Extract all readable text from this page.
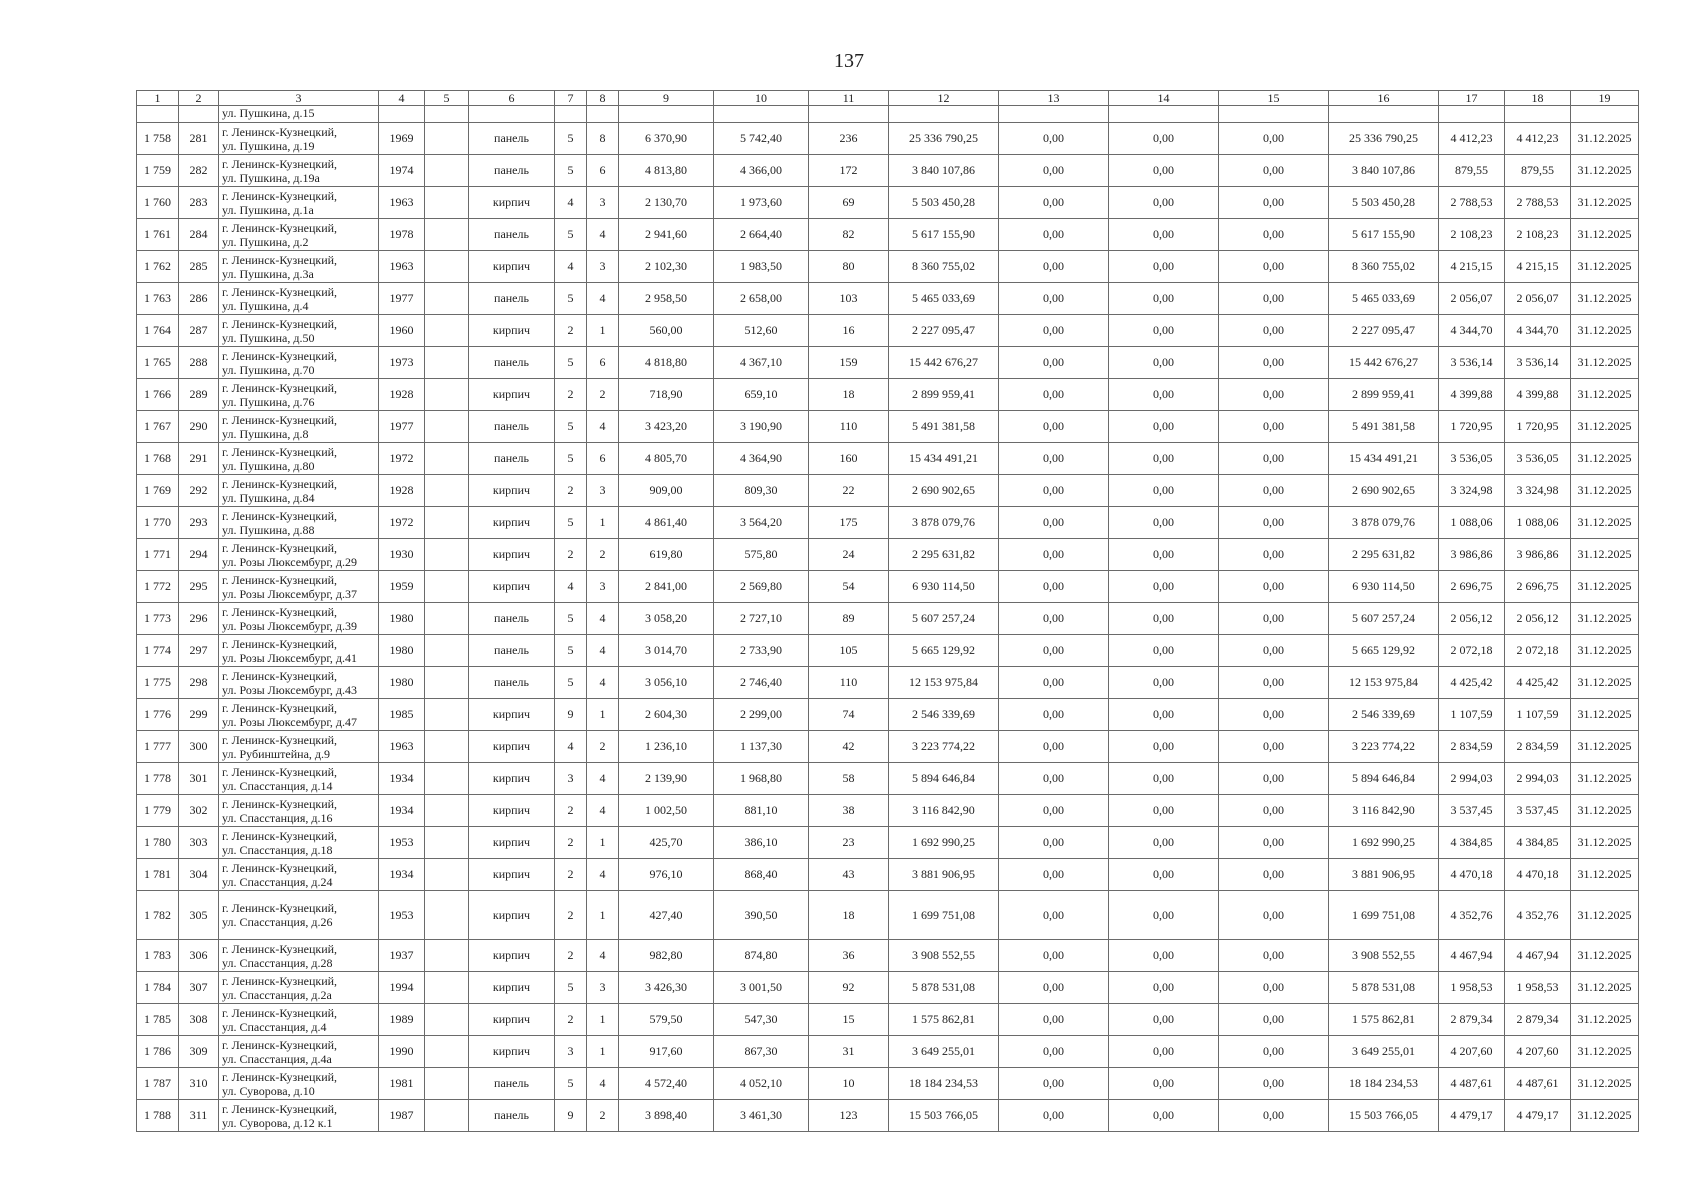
137
1	2	3	4	5	6	7	8	9	10	11	12	13	14	15	16	17	18	19
		ул. Пушкина, д.15																
1 758	281	г. Ленинск-Кузнецкий,
ул. Пушкина, д.19	1969		панель	5	8	6 370,90	5 742,40	236	25 336 790,25	0,00	0,00	0,00	25 336 790,25	4 412,23	4 412,23	31.12.2025
1 759	282	г. Ленинск-Кузнецкий,
ул. Пушкина, д.19а	1974		панель	5	6	4 813,80	4 366,00	172	3 840 107,86	0,00	0,00	0,00	3 840 107,86	879,55	879,55	31.12.2025
1 760	283	г. Ленинск-Кузнецкий,
ул. Пушкина, д.1а	1963		кирпич	4	3	2 130,70	1 973,60	69	5 503 450,28	0,00	0,00	0,00	5 503 450,28	2 788,53	2 788,53	31.12.2025
1 761	284	г. Ленинск-Кузнецкий,
ул. Пушкина, д.2	1978		панель	5	4	2 941,60	2 664,40	82	5 617 155,90	0,00	0,00	0,00	5 617 155,90	2 108,23	2 108,23	31.12.2025
1 762	285	г. Ленинск-Кузнецкий,
ул. Пушкина, д.3а	1963		кирпич	4	3	2 102,30	1 983,50	80	8 360 755,02	0,00	0,00	0,00	8 360 755,02	4 215,15	4 215,15	31.12.2025
1 763	286	г. Ленинск-Кузнецкий,
ул. Пушкина, д.4	1977		панель	5	4	2 958,50	2 658,00	103	5 465 033,69	0,00	0,00	0,00	5 465 033,69	2 056,07	2 056,07	31.12.2025
1 764	287	г. Ленинск-Кузнецкий,
ул. Пушкина, д.50	1960		кирпич	2	1	560,00	512,60	16	2 227 095,47	0,00	0,00	0,00	2 227 095,47	4 344,70	4 344,70	31.12.2025
1 765	288	г. Ленинск-Кузнецкий,
ул. Пушкина, д.70	1973		панель	5	6	4 818,80	4 367,10	159	15 442 676,27	0,00	0,00	0,00	15 442 676,27	3 536,14	3 536,14	31.12.2025
1 766	289	г. Ленинск-Кузнецкий,
ул. Пушкина, д.76	1928		кирпич	2	2	718,90	659,10	18	2 899 959,41	0,00	0,00	0,00	2 899 959,41	4 399,88	4 399,88	31.12.2025
1 767	290	г. Ленинск-Кузнецкий,
ул. Пушкина, д.8	1977		панель	5	4	3 423,20	3 190,90	110	5 491 381,58	0,00	0,00	0,00	5 491 381,58	1 720,95	1 720,95	31.12.2025
1 768	291	г. Ленинск-Кузнецкий,
ул. Пушкина, д.80	1972		панель	5	6	4 805,70	4 364,90	160	15 434 491,21	0,00	0,00	0,00	15 434 491,21	3 536,05	3 536,05	31.12.2025
1 769	292	г. Ленинск-Кузнецкий,
ул. Пушкина, д.84	1928		кирпич	2	3	909,00	809,30	22	2 690 902,65	0,00	0,00	0,00	2 690 902,65	3 324,98	3 324,98	31.12.2025
1 770	293	г. Ленинск-Кузнецкий,
ул. Пушкина, д.88	1972		кирпич	5	1	4 861,40	3 564,20	175	3 878 079,76	0,00	0,00	0,00	3 878 079,76	1 088,06	1 088,06	31.12.2025
1 771	294	г. Ленинск-Кузнецкий,
ул. Розы Люксембург, д.29	1930		кирпич	2	2	619,80	575,80	24	2 295 631,82	0,00	0,00	0,00	2 295 631,82	3 986,86	3 986,86	31.12.2025
1 772	295	г. Ленинск-Кузнецкий,
ул. Розы Люксембург, д.37	1959		кирпич	4	3	2 841,00	2 569,80	54	6 930 114,50	0,00	0,00	0,00	6 930 114,50	2 696,75	2 696,75	31.12.2025
1 773	296	г. Ленинск-Кузнецкий,
ул. Розы Люксембург, д.39	1980		панель	5	4	3 058,20	2 727,10	89	5 607 257,24	0,00	0,00	0,00	5 607 257,24	2 056,12	2 056,12	31.12.2025
1 774	297	г. Ленинск-Кузнецкий,
ул. Розы Люксембург, д.41	1980		панель	5	4	3 014,70	2 733,90	105	5 665 129,92	0,00	0,00	0,00	5 665 129,92	2 072,18	2 072,18	31.12.2025
1 775	298	г. Ленинск-Кузнецкий,
ул. Розы Люксембург, д.43	1980		панель	5	4	3 056,10	2 746,40	110	12 153 975,84	0,00	0,00	0,00	12 153 975,84	4 425,42	4 425,42	31.12.2025
1 776	299	г. Ленинск-Кузнецкий,
ул. Розы Люксембург, д.47	1985		кирпич	9	1	2 604,30	2 299,00	74	2 546 339,69	0,00	0,00	0,00	2 546 339,69	1 107,59	1 107,59	31.12.2025
1 777	300	г. Ленинск-Кузнецкий,
ул. Рубинштейна, д.9	1963		кирпич	4	2	1 236,10	1 137,30	42	3 223 774,22	0,00	0,00	0,00	3 223 774,22	2 834,59	2 834,59	31.12.2025
1 778	301	г. Ленинск-Кузнецкий,
ул. Спасстанция, д.14	1934		кирпич	3	4	2 139,90	1 968,80	58	5 894 646,84	0,00	0,00	0,00	5 894 646,84	2 994,03	2 994,03	31.12.2025
1 779	302	г. Ленинск-Кузнецкий,
ул. Спасстанция, д.16	1934		кирпич	2	4	1 002,50	881,10	38	3 116 842,90	0,00	0,00	0,00	3 116 842,90	3 537,45	3 537,45	31.12.2025
1 780	303	г. Ленинск-Кузнецкий,
ул. Спасстанция, д.18	1953		кирпич	2	1	425,70	386,10	23	1 692 990,25	0,00	0,00	0,00	1 692 990,25	4 384,85	4 384,85	31.12.2025
1 781	304	г. Ленинск-Кузнецкий,
ул. Спасстанция, д.24	1934		кирпич	2	4	976,10	868,40	43	3 881 906,95	0,00	0,00	0,00	3 881 906,95	4 470,18	4 470,18	31.12.2025
1 782	305	г. Ленинск-Кузнецкий,
ул. Спасстанция, д.26	1953		кирпич	2	1	427,40	390,50	18	1 699 751,08	0,00	0,00	0,00	1 699 751,08	4 352,76	4 352,76	31.12.2025
1 783	306	г. Ленинск-Кузнецкий,
ул. Спасстанция, д.28	1937		кирпич	2	4	982,80	874,80	36	3 908 552,55	0,00	0,00	0,00	3 908 552,55	4 467,94	4 467,94	31.12.2025
1 784	307	г. Ленинск-Кузнецкий,
ул. Спасстанция, д.2а	1994		кирпич	5	3	3 426,30	3 001,50	92	5 878 531,08	0,00	0,00	0,00	5 878 531,08	1 958,53	1 958,53	31.12.2025
1 785	308	г. Ленинск-Кузнецкий,
ул. Спасстанция, д.4	1989		кирпич	2	1	579,50	547,30	15	1 575 862,81	0,00	0,00	0,00	1 575 862,81	2 879,34	2 879,34	31.12.2025
1 786	309	г. Ленинск-Кузнецкий,
ул. Спасстанция, д.4а	1990		кирпич	3	1	917,60	867,30	31	3 649 255,01	0,00	0,00	0,00	3 649 255,01	4 207,60	4 207,60	31.12.2025
1 787	310	г. Ленинск-Кузнецкий,
ул. Суворова, д.10	1981		панель	5	4	4 572,40	4 052,10	10	18 184 234,53	0,00	0,00	0,00	18 184 234,53	4 487,61	4 487,61	31.12.2025
1 788	311	г. Ленинск-Кузнецкий,
ул. Суворова, д.12 к.1	1987		панель	9	2	3 898,40	3 461,30	123	15 503 766,05	0,00	0,00	0,00	15 503 766,05	4 479,17	4 479,17	31.12.2025
